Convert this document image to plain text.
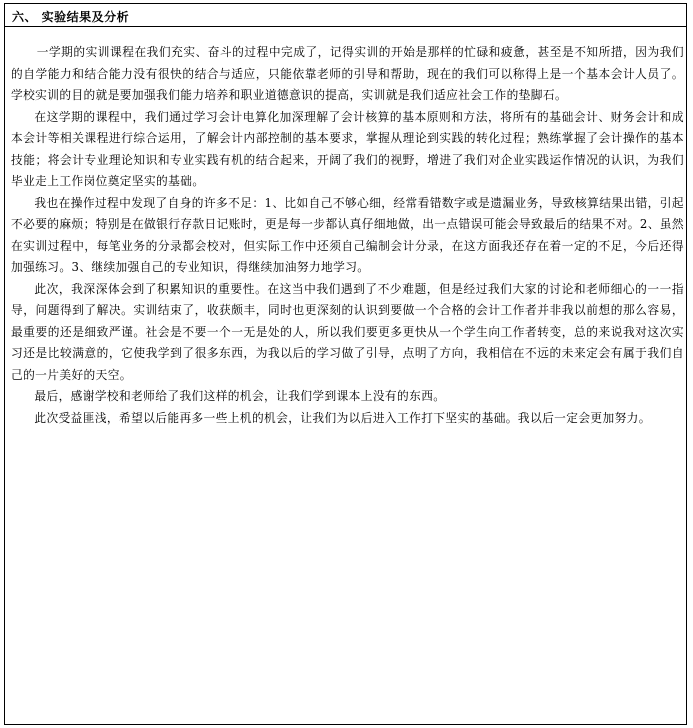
六、 实验结果及分析

一学期的实训课程在我们充实、奋斗的过程中完成了，记得实训的开始是那样的忙碌和疲惫，甚至是不知所措，因为我们的自学能力和结合能力没有很快的结合与适应，只能依靠老师的引导和帮助，现在的我们可以称得上是一个基本会计人员了。学校实训的目的就是要加强我们能力培养和职业道德意识的提高，实训就是我们适应社会工作的垫脚石。

在这学期的课程中，我们通过学习会计电算化加深理解了会计核算的基本原则和方法，将所有的基础会计、财务会计和成本会计等相关课程进行综合运用，了解会计内部控制的基本要求，掌握从理论到实践的转化过程；熟练掌握了会计操作的基本技能；将会计专业理论知识和专业实践有机的结合起来，开阔了我们的视野，增进了我们对企业实践运作情况的认识，为我们毕业走上工作岗位奠定坚实的基础。

我也在操作过程中发现了自身的许多不足：1、比如自己不够心细，经常看错数字或是遗漏业务，导致核算结果出错，引起不必要的麻烦；特别是在做银行存款日记账时，更是每一步都认真仔细地做，出一点错误可能会导致最后的结果不对。2、虽然在实训过程中，每笔业务的分录都会校对，但实际工作中还须自己编制会计分录，在这方面我还存在着一定的不足，今后还得加强练习。3、继续加强自己的专业知识，得继续加油努力地学习。

此次，我深深体会到了积累知识的重要性。在这当中我们遇到了不少难题，但是经过我们大家的讨论和老师细心的一一指导，问题得到了解决。实训结束了，收获颇丰，同时也更深刻的认识到要做一个合格的会计工作者并非我以前想的那么容易，最重要的还是细致严谨。社会是不要一个一无是处的人，所以我们要更多更快从一个学生向工作者转变，总的来说我对这次实习还是比较满意的，它使我学到了很多东西，为我以后的学习做了引导，点明了方向，我相信在不远的未来定会有属于我们自己的一片美好的天空。

最后，感谢学校和老师给了我们这样的机会，让我们学到课本上没有的东西。

此次受益匪浅，希望以后能再多一些上机的机会，让我们为以后进入工作打下坚实的基础。我以后一定会更加努力。
